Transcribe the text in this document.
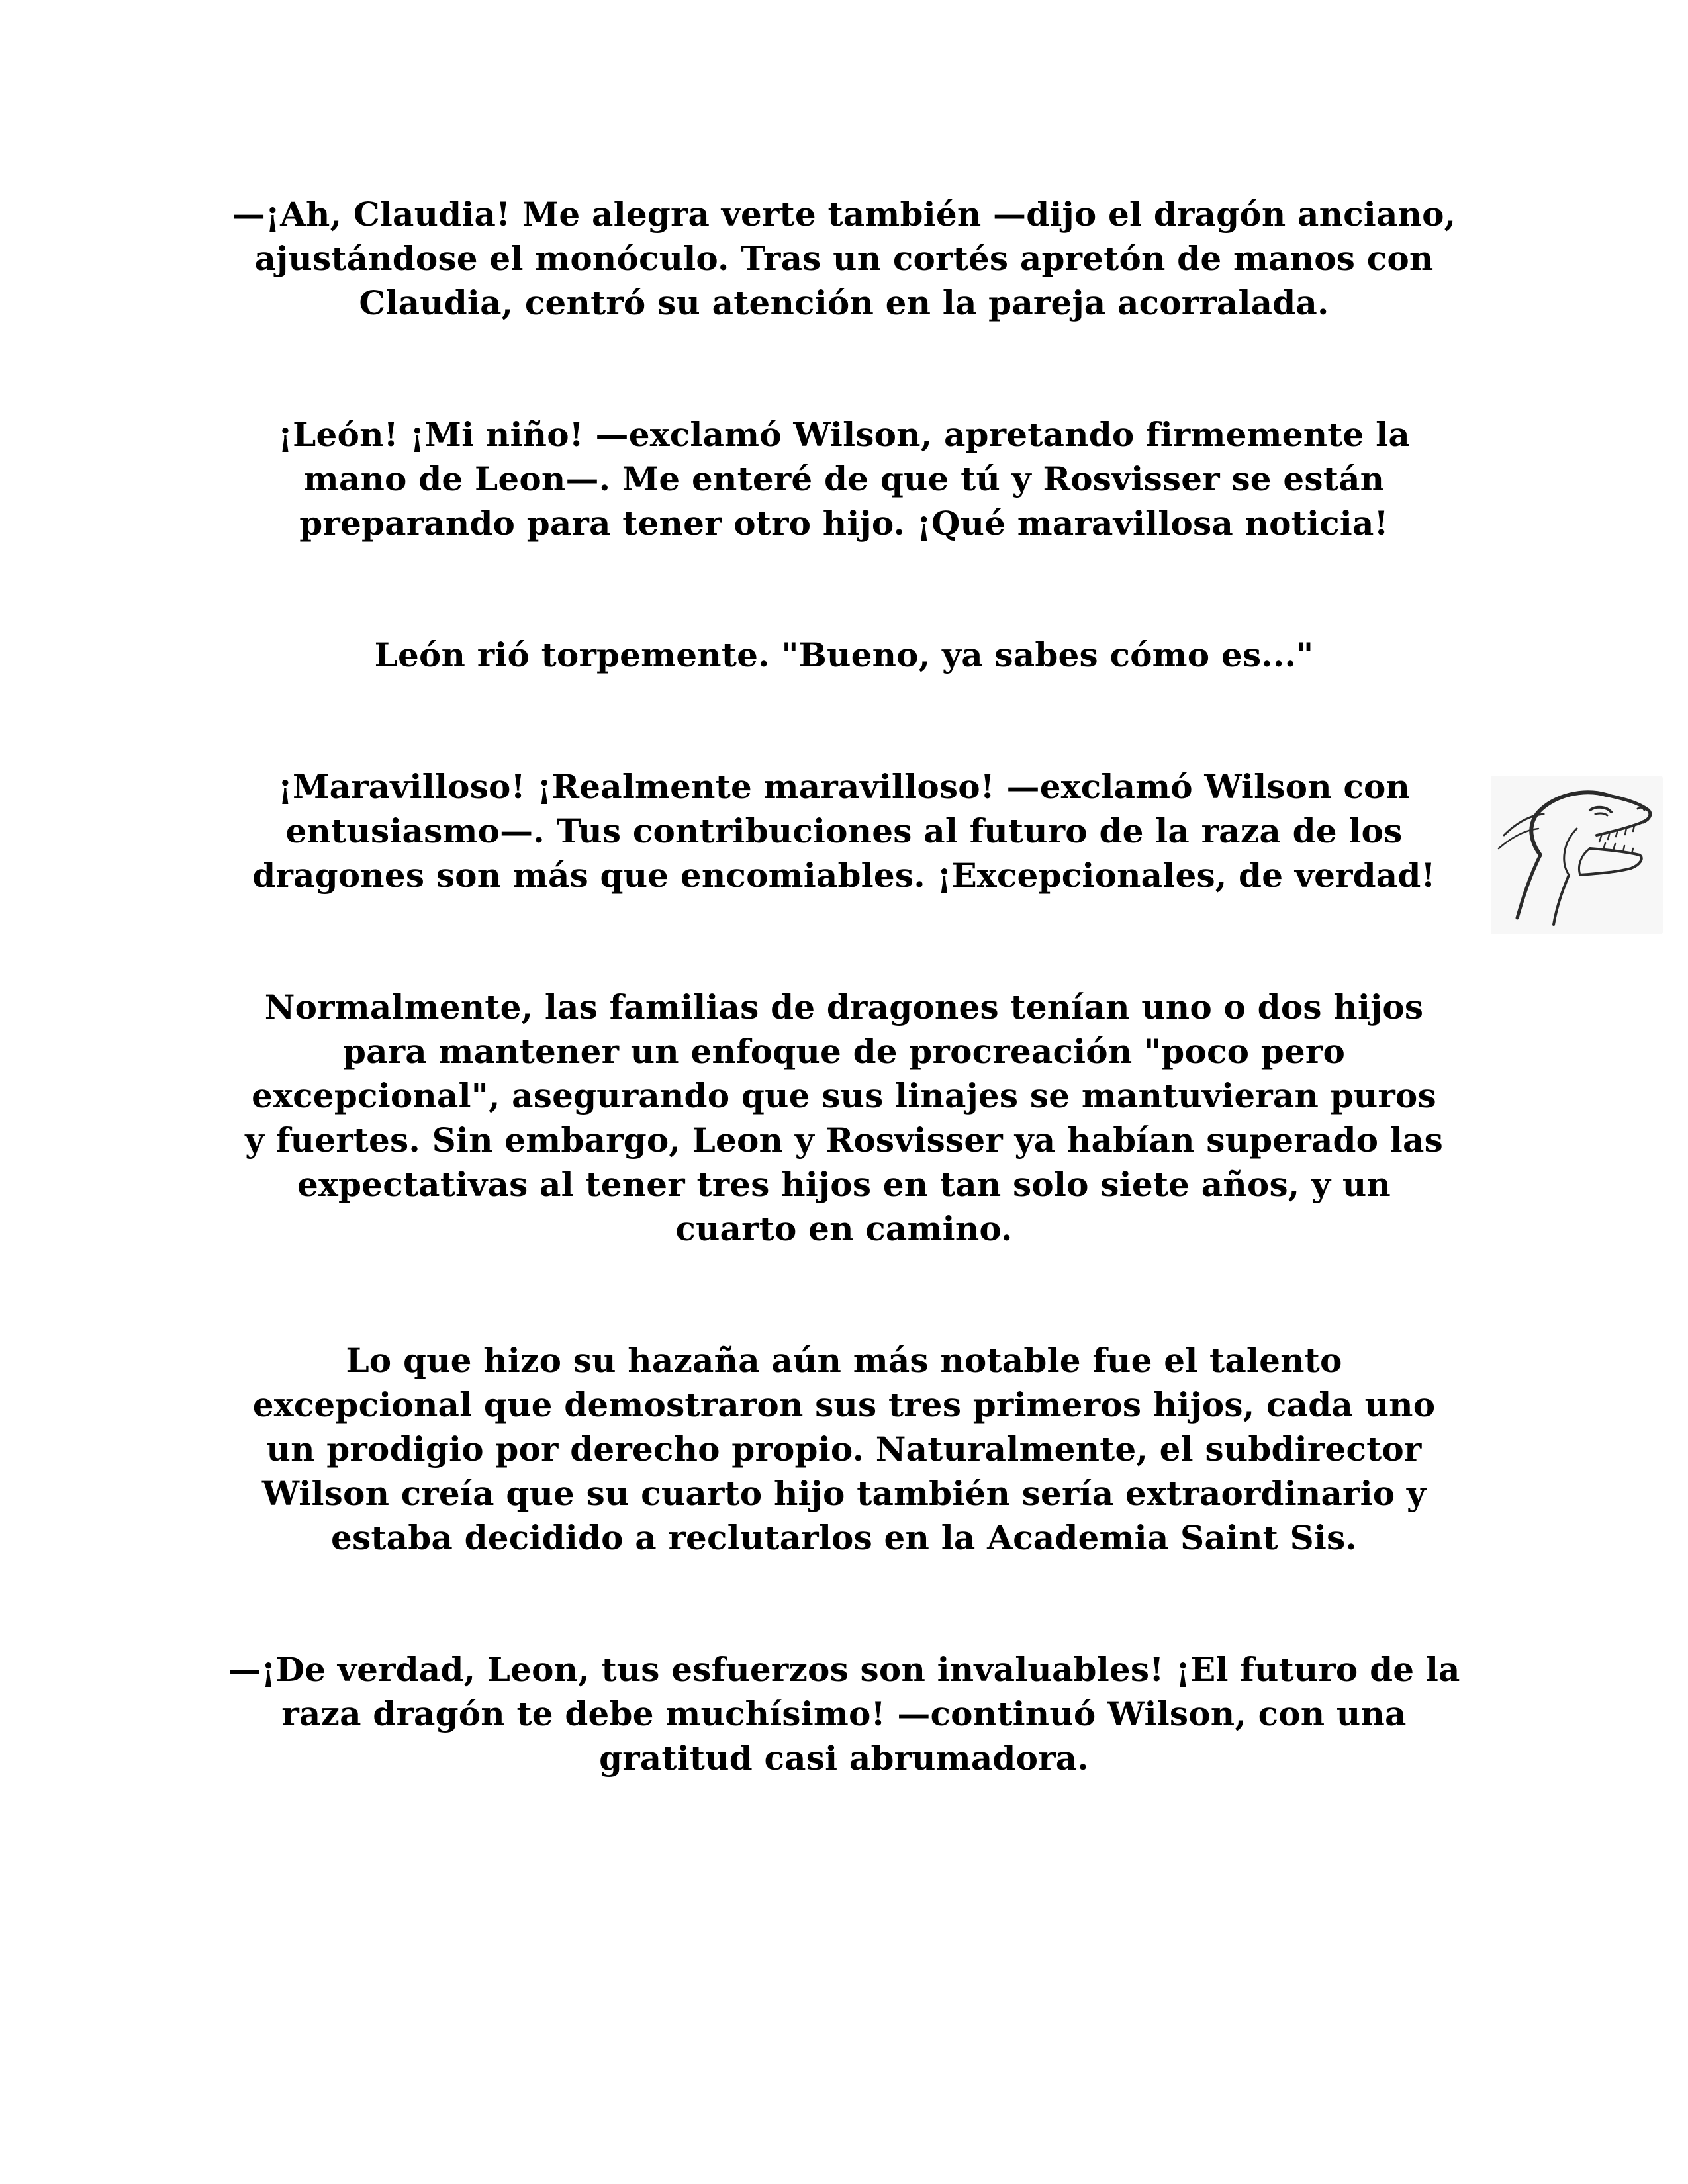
—¡Ah, Claudia! Me alegra verte también —dijo el dragón anciano, ajustándose el monóculo. Tras un cortés apretón de manos con Claudia, centró su atención en la pareja acorralada.

¡León! ¡Mi niño! —exclamó Wilson, apretando firmemente la mano de Leon—. Me enteré de que tú y Rosvisser se están preparando para tener otro hijo. ¡Qué maravillosa noticia!

León rió torpemente. "Bueno, ya sabes cómo es..."

¡Maravilloso! ¡Realmente maravilloso! —exclamó Wilson con entusiasmo—. Tus contribuciones al futuro de la raza de los dragones son más que encomiables. ¡Excepcionales, de verdad!

Normalmente, las familias de dragones tenían uno o dos hijos para mantener un enfoque de procreación "poco pero excepcional", asegurando que sus linajes se mantuvieran puros y fuertes. Sin embargo, Leon y Rosvisser ya habían superado las expectativas al tener tres hijos en tan solo siete años, y un cuarto en camino.

Lo que hizo su hazaña aún más notable fue el talento excepcional que demostraron sus tres primeros hijos, cada uno un prodigio por derecho propio. Naturalmente, el subdirector Wilson creía que su cuarto hijo también sería extraordinario y estaba decidido a reclutarlos en la Academia Saint Sis.

—¡De verdad, Leon, tus esfuerzos son invaluables! ¡El futuro de la raza dragón te debe muchísimo! —continuó Wilson, con una gratitud casi abrumadora.
